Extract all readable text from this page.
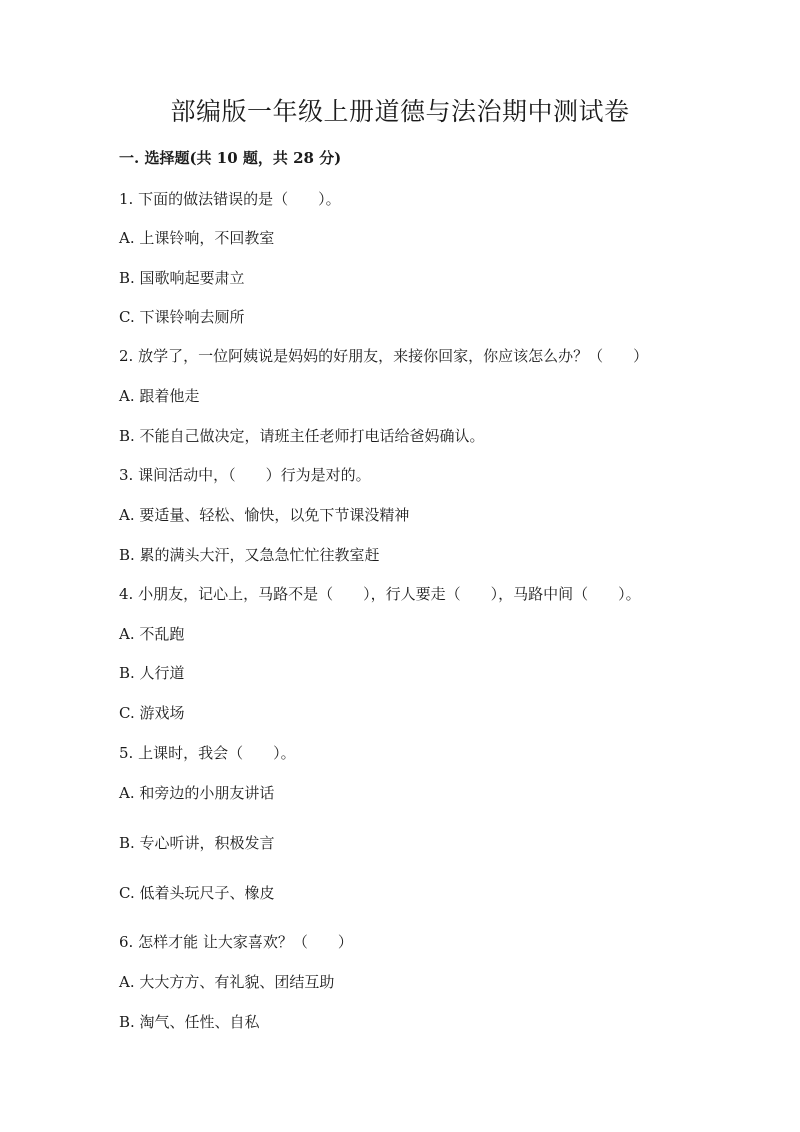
部编版一年级上册道德与法治期中测试卷
一. 选择题(共 10 题，共 28 分)
1. 下面的做法错误的是（　　）。
A. 上课铃响，不回教室
B. 国歌响起要肃立
C. 下课铃响去厕所
2. 放学了，一位阿姨说是妈妈的好朋友，来接你回家，你应该怎么办？（　　）
A. 跟着他走
B. 不能自己做决定，请班主任老师打电话给爸妈确认。
3. 课间活动中，（　　）行为是对的。
A. 要适量、轻松、愉快，以免下节课没精神
B. 累的满头大汗，又急急忙忙往教室赶
4. 小朋友，记心上，马路不是（　　），行人要走（　　），马路中间（　　）。
A. 不乱跑
B. 人行道
C. 游戏场
5. 上课时，我会（　　）。
A. 和旁边的小朋友讲话
B. 专心听讲，积极发言
C. 低着头玩尺子、橡皮
6. 怎样才能 让大家喜欢？（　　）
A. 大大方方、有礼貌、团结互助
B. 淘气、任性、自私
